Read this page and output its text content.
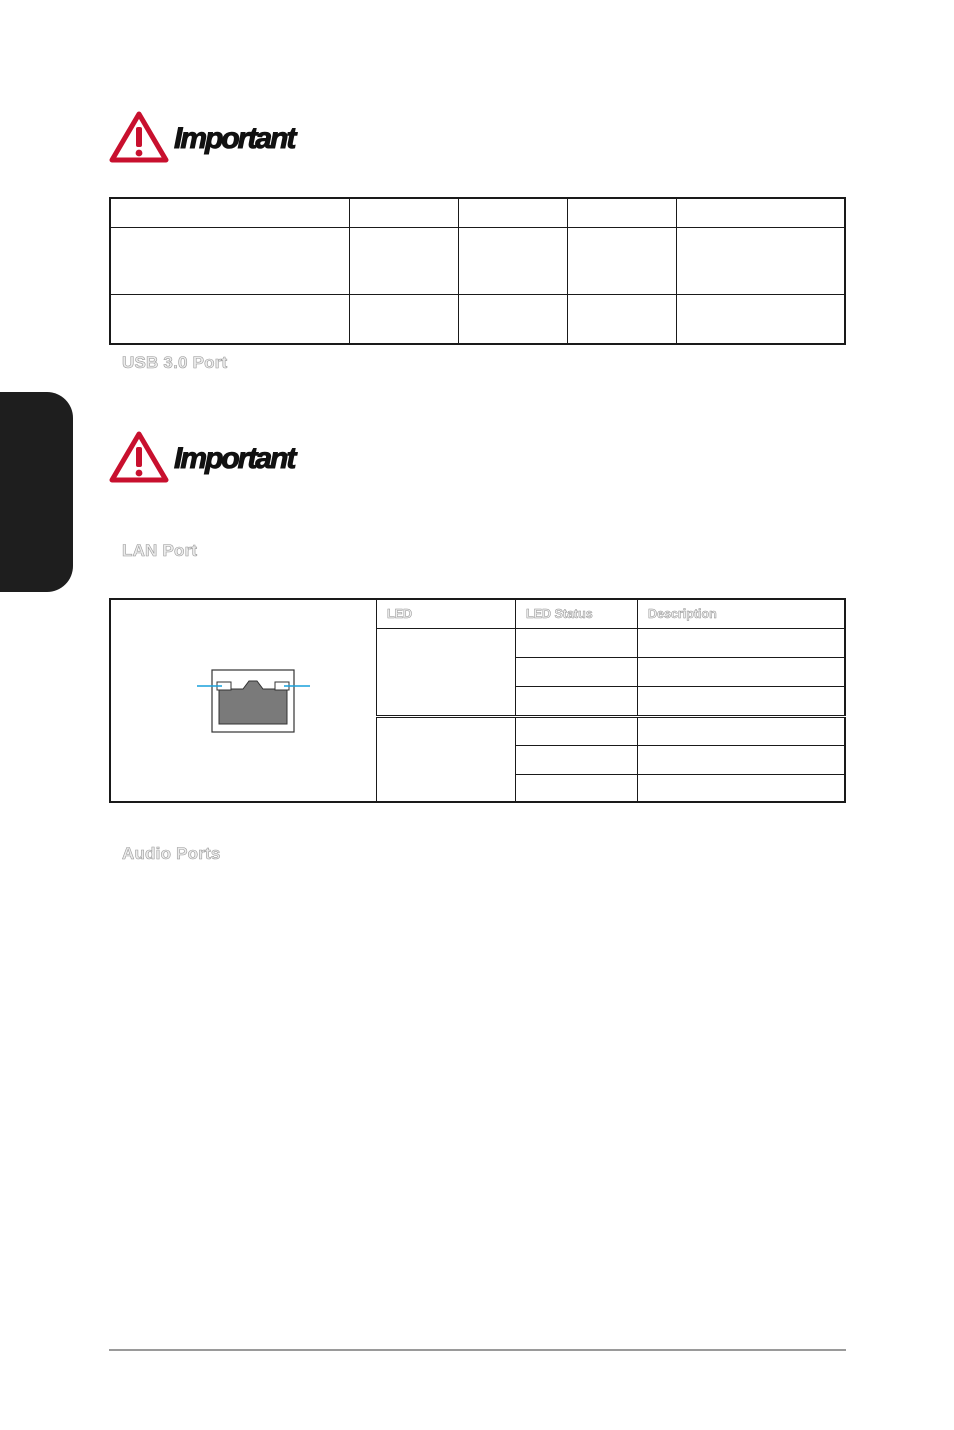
Important

USB 3.0 Port
Important
LAN Port
	LED	LED Status	Description

Audio Ports
